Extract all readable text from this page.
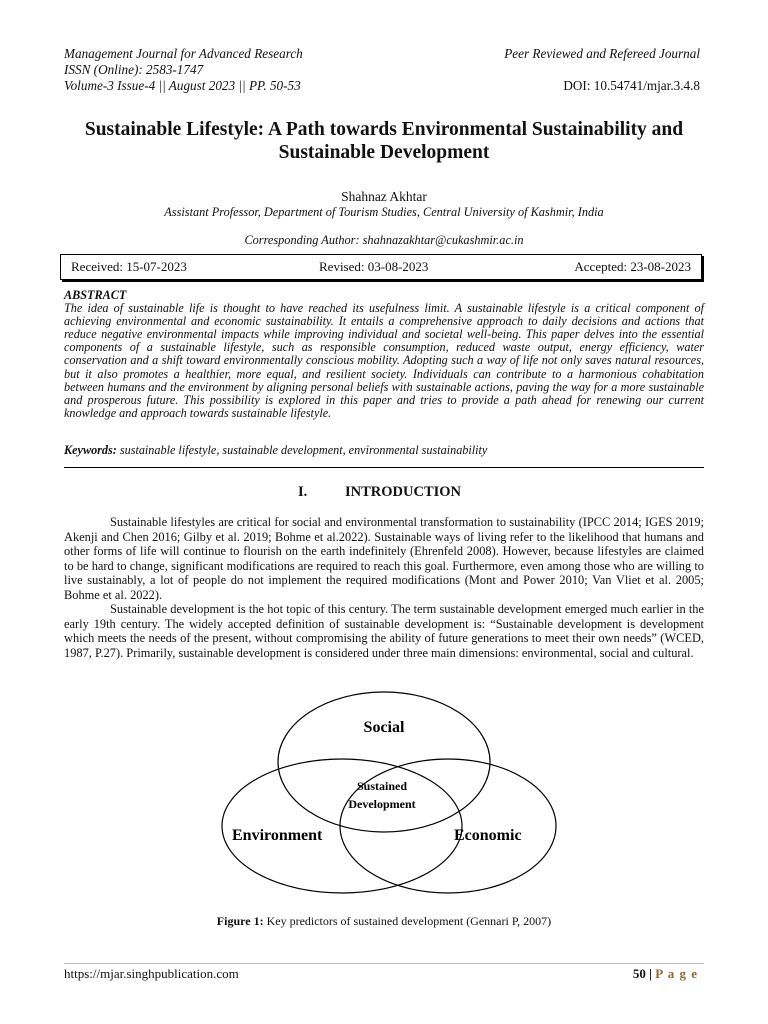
Management Journal for Advanced Research
ISSN (Online): 2583-1747
Volume-3 Issue-4 || August 2023 || PP. 50-53
Peer Reviewed and Refereed Journal
DOI: 10.54741/mjar.3.4.8
Sustainable Lifestyle: A Path towards Environmental Sustainability and
Sustainable Development
Shahnaz Akhtar
Assistant Professor, Department of Tourism Studies, Central University of Kashmir, India
Corresponding Author: shahnazakhtar@cukashmir.ac.in
Received: 15-07-2023	Revised: 03-08-2023	Accepted: 23-08-2023
ABSTRACT
The idea of sustainable life is thought to have reached its usefulness limit. A sustainable lifestyle is a critical component of achieving environmental and economic sustainability. It entails a comprehensive approach to daily decisions and actions that reduce negative environmental impacts while improving individual and societal well-being. This paper delves into the essential components of a sustainable lifestyle, such as responsible consumption, reduced waste output, energy efficiency, water conservation and a shift toward environmentally conscious mobility. Adopting such a way of life not only saves natural resources, but it also promotes a healthier, more equal, and resilient society. Individuals can contribute to a harmonious cohabitation between humans and the environment by aligning personal beliefs with sustainable actions, paving the way for a more sustainable and prosperous future. This possibility is explored in this paper and tries to provide a path ahead for renewing our current knowledge and approach towards sustainable lifestyle.
Keywords: sustainable lifestyle, sustainable development, environmental sustainability
I.	INTRODUCTION

Sustainable lifestyles are critical for social and environmental transformation to sustainability (IPCC 2014; IGES 2019; Akenji and Chen 2016; Gilby et al. 2019; Bohme et al.2022). Sustainable ways of living refer to the likelihood that humans and other forms of life will continue to flourish on the earth indefinitely (Ehrenfeld 2008). However, because lifestyles are claimed to be hard to change, significant modifications are required to reach this goal. Furthermore, even among those who are willing to live sustainably, a lot of people do not implement the required modifications (Mont and Power 2010; Van Vliet et al. 2005; Bohme et al. 2022).

Sustainable development is the hot topic of this century. The term sustainable development emerged much earlier in the early 19th century. The widely accepted definition of sustainable development is: “Sustainable development is development which meets the needs of the present, without compromising the ability of future generations to meet their own needs” (WCED, 1987, P.27). Primarily, sustainable development is considered under three main dimensions: environmental, social and cultural.

Social
Environment	Economic
Sustained
Development
Figure 1: Key predictors of sustained development (Gennari P, 2007)
https://mjar.singhpublication.com	50 | P a g e
